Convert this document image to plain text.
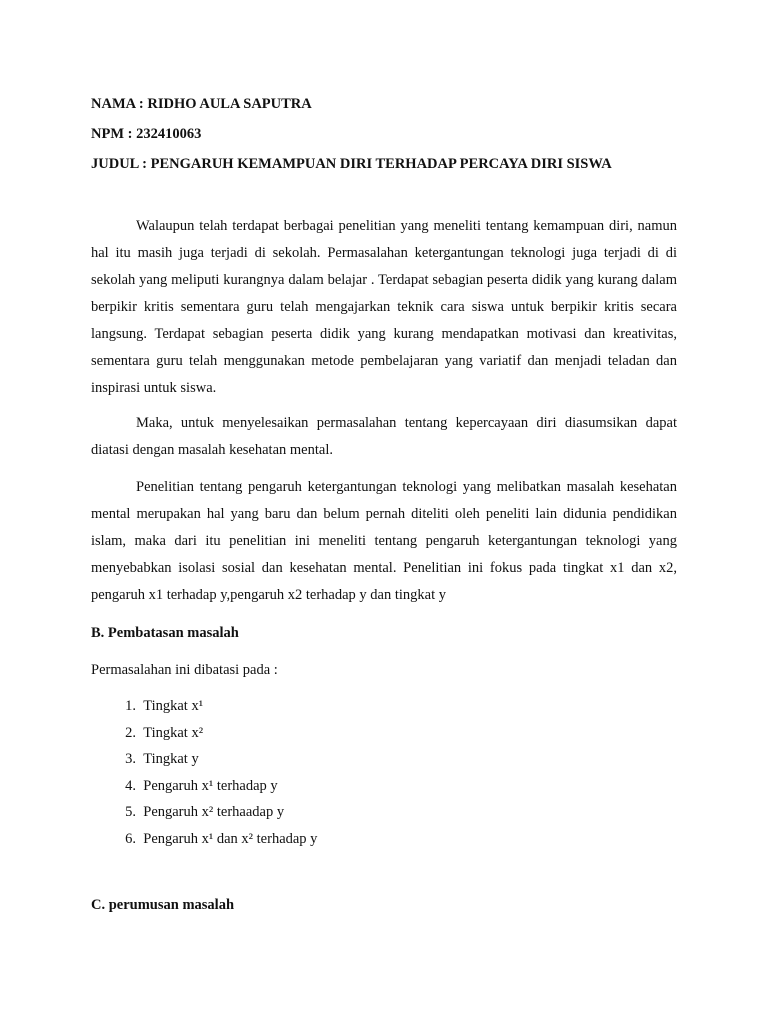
NAMA : RIDHO AULA SAPUTRA
NPM : 232410063
JUDUL : PENGARUH KEMAMPUAN DIRI TERHADAP PERCAYA DIRI SISWA

Walaupun telah terdapat berbagai penelitian yang meneliti tentang kemampuan diri, namun hal itu masih juga terjadi di sekolah. Permasalahan ketergantungan teknologi juga terjadi di di sekolah yang meliputi kurangnya dalam belajar . Terdapat sebagian peserta didik yang kurang dalam berpikir kritis sementara guru telah mengajarkan teknik cara siswa untuk berpikir kritis secara langsung. Terdapat sebagian peserta didik yang kurang mendapatkan motivasi dan kreativitas, sementara guru telah menggunakan metode pembelajaran yang variatif dan menjadi teladan dan inspirasi untuk siswa.

Maka, untuk menyelesaikan permasalahan tentang kepercayaan diri diasumsikan dapat diatasi dengan masalah kesehatan mental.

Penelitian tentang pengaruh ketergantungan teknologi yang melibatkan masalah kesehatan mental merupakan hal yang baru dan belum pernah diteliti oleh peneliti lain didunia pendidikan islam, maka dari itu penelitian ini meneliti tentang pengaruh ketergantungan teknologi yang menyebabkan isolasi sosial dan kesehatan mental. Penelitian ini fokus pada tingkat x1 dan x2, pengaruh x1 terhadap y,pengaruh x2 terhadap y dan tingkat y

B. Pembatasan masalah
Permasalahan ini dibatasi pada :
1. Tingkat x¹
2. Tingkat x²
3. Tingkat y
4. Pengaruh x¹ terhadap y
5. Pengaruh x² terhaadap y
6. Pengaruh x¹ dan x² terhadap y
C. perumusan masalah
